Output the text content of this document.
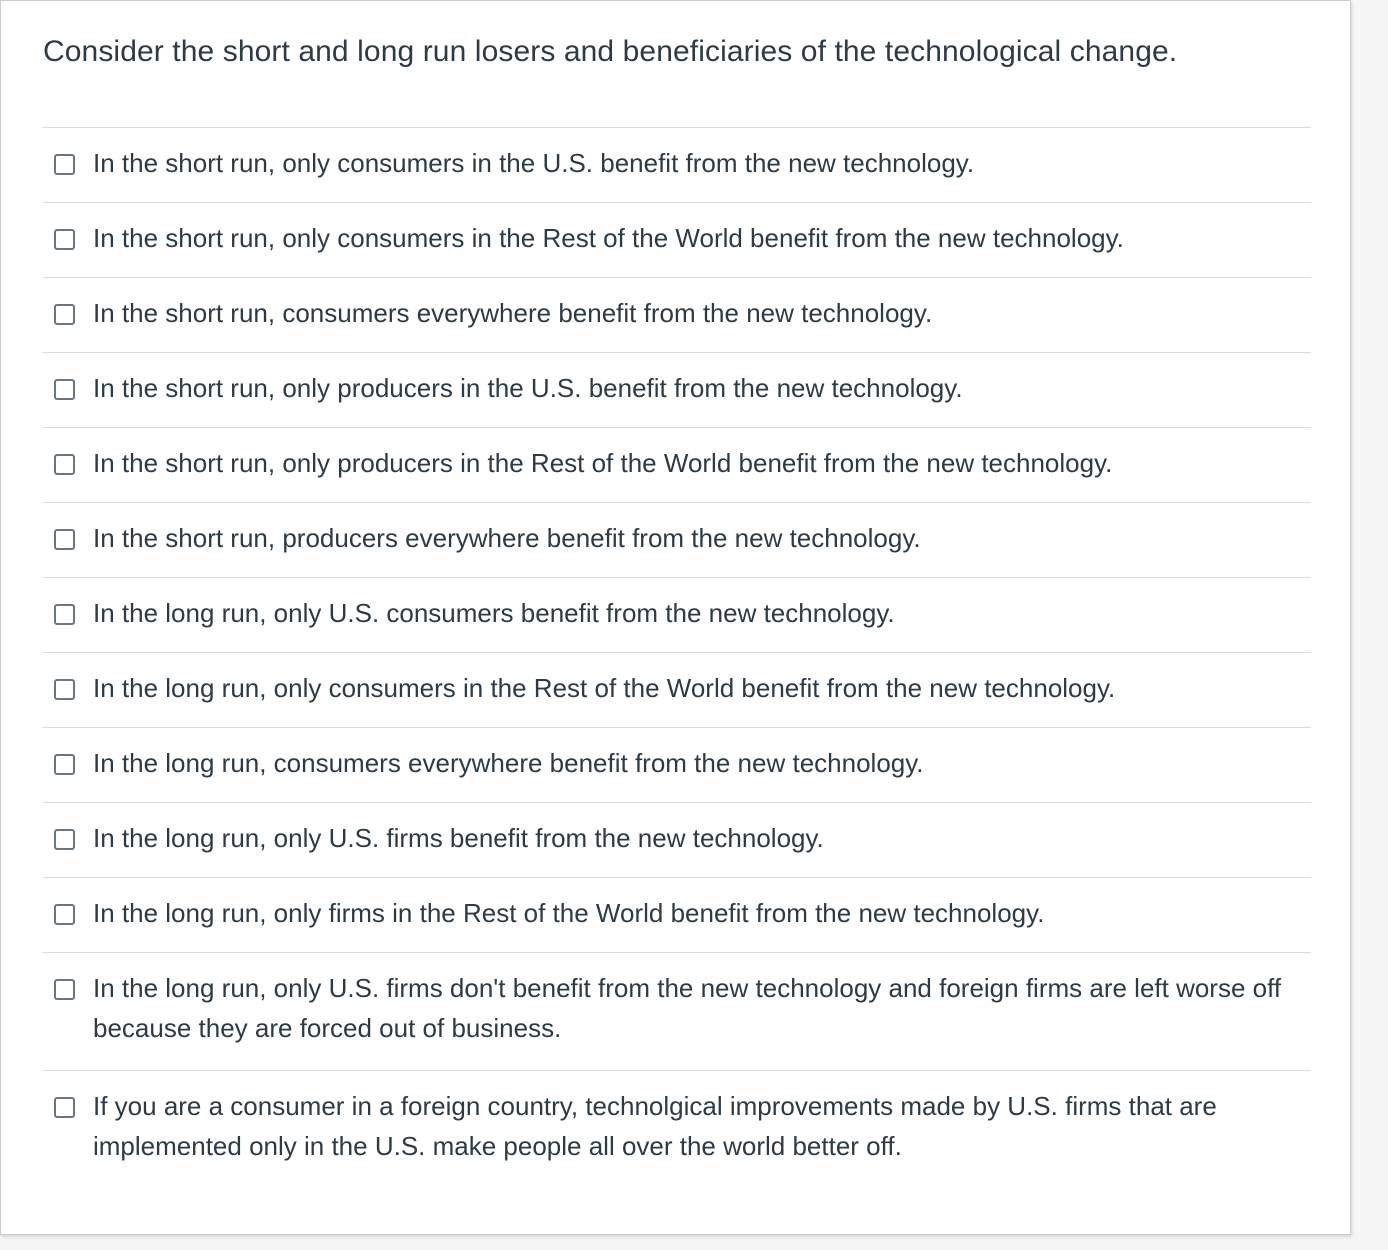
Consider the short and long run losers and beneficiaries of the technological change.
In the short run, only consumers in the U.S. benefit from the new technology.
In the short run, only consumers in the Rest of the World benefit from the new technology.
In the short run, consumers everywhere benefit from the new technology.
In the short run, only producers in the U.S. benefit from the new technology.
In the short run, only producers in the Rest of the World benefit from the new technology.
In the short run, producers everywhere benefit from the new technology.
In the long run, only U.S. consumers benefit from the new technology.
In the long run, only consumers in the Rest of the World benefit from the new technology.
In the long run, consumers everywhere benefit from the new technology.
In the long run, only U.S. firms benefit from the new technology.
In the long run, only firms in the Rest of the World benefit from the new technology.
In the long run, only U.S. firms don't benefit from the new technology and foreign firms are left worse off because they are forced out of business.
If you are a consumer in a foreign country, technolgical improvements made by U.S. firms that are implemented only in the U.S. make people all over the world better off.
